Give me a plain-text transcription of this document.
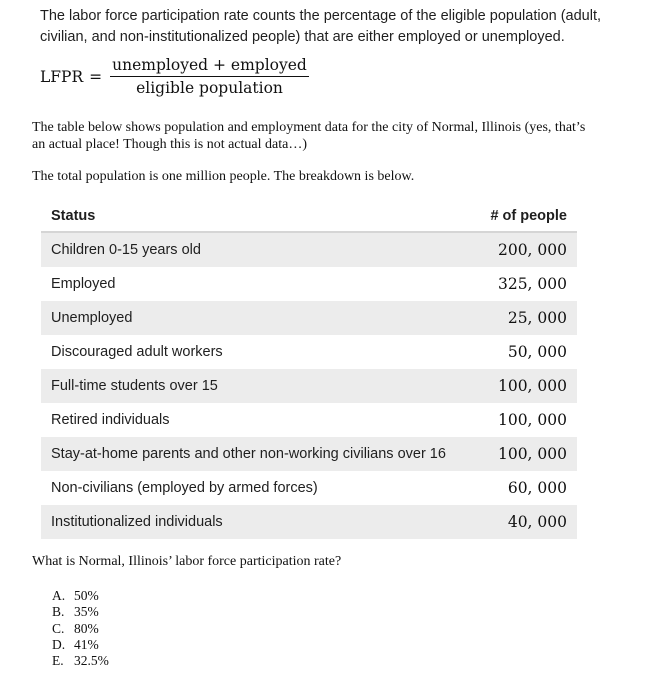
The labor force participation rate counts the percentage of the eligible population (adult, civilian, and non-institutionalized people) that are either employed or unemployed.
LFPR = $\frac{\text{unemployed + employed}}{\text{eligible population}}$
The table below shows population and employment data for the city of Normal, Illinois (yes, that’s an actual place! Though this is not actual data…)
The total population is one million people. The breakdown is below.
Status	# of people
Children 0-15 years old	200, 000
Employed	325, 000
Unemployed	25, 000
Discouraged adult workers	50, 000
Full-time students over 15	100, 000
Retired individuals	100, 000
Stay-at-home parents and other non-working civilians over 16	100, 000
Non-civilians (employed by armed forces)	60, 000
Institutionalized individuals	40, 000
What is Normal, Illinois’ labor force participation rate?
A. 50%
B. 35%
C. 80%
D. 41%
E. 32.5%
